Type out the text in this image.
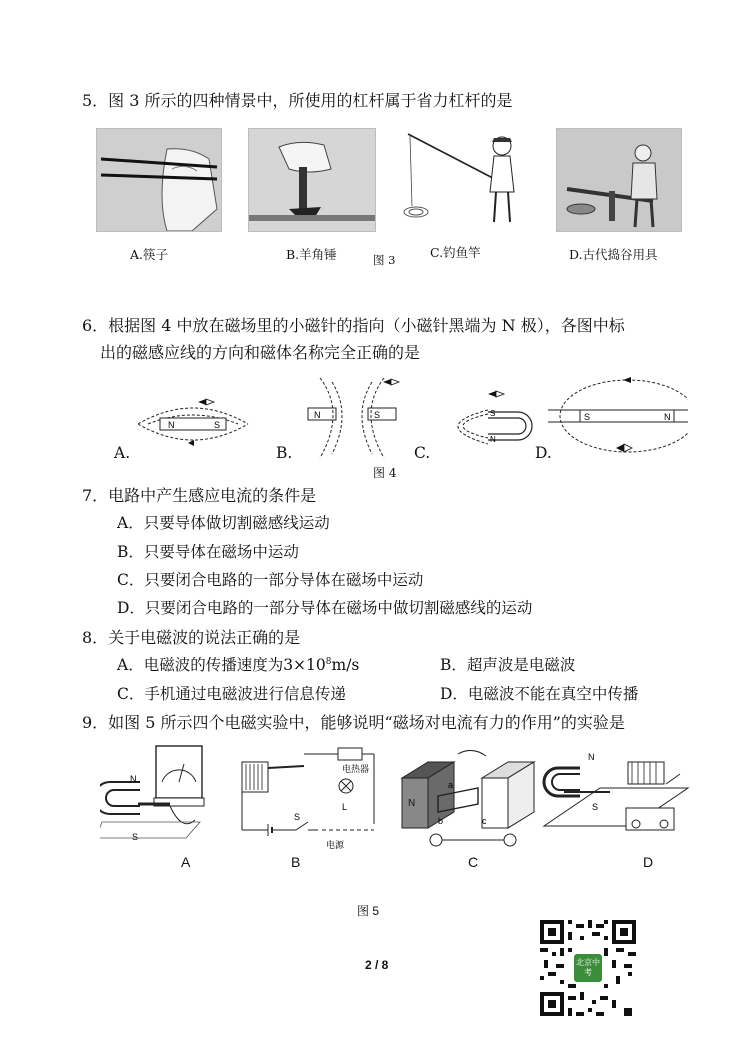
5．图 3 所示的四种情景中，所使用的杠杆属于省力杠杆的是
A.筷子	B.羊角锤	图 3	C.钓鱼竿	D.古代捣谷用具
6．根据图 4 中放在磁场里的小磁针的指向（小磁针黑端为 N 极），各图中标
出的磁感应线的方向和磁体名称完全正确的是
N	S
N	S	S
N
S	N
A.	B.	C.	D.
图 4
7．电路中产生感应电流的条件是
A．只要导体做切割磁感线运动
B．只要导体在磁场中运动
C．只要闭合电路的一部分导体在磁场中运动
D．只要闭合电路的一部分导体在磁场中做切割磁感线的运动
8．关于电磁波的说法正确的是
A．电磁波的传播速度为$3\times 10^8m/s$	B．超声波是电磁波
C．手机通过电磁波进行信息传递	D．电磁波不能在真空中传播
9．如图 5 所示四个电磁实验中，能够说明“磁场对电流有力的作用”的实验是
N
S
电热器
L
S
电源
N
a
b	c
N
S
A	B	C	D
图 5
2 / 8	北京中考
